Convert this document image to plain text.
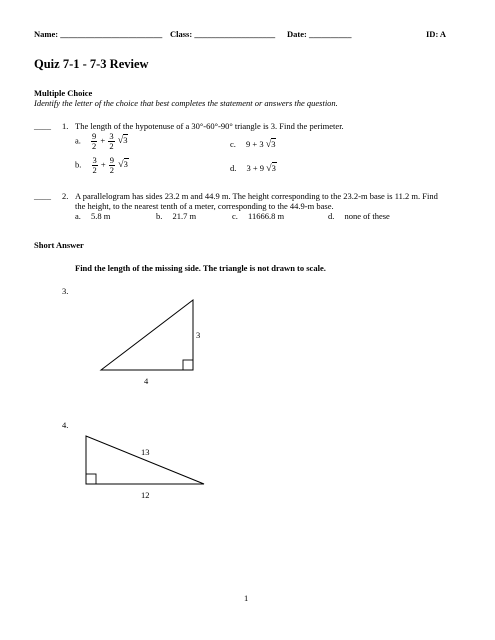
Name: ________________________ Class: ___________________ Date: __________	ID: A
Quiz 7-1 - 7-3 Review
Multiple Choice
Identify the letter of the choice that best completes the statement or answers the question.
____ 1. The length of the hypotenuse of a 30°-60°-90° triangle is 3. Find the perimeter.
a. $\frac{9}{2} + \frac{3}{2} √3$	c. 9 + 3 √3
b. $\frac{3}{2} + \frac{9}{2} √3$	d. 3 + 9 √3
____ 2. A parallelogram has sides 23.2 m and 44.9 m. The height corresponding to the 23.2-m base is 11.2 m. Find
the height, to the nearest tenth of a meter, corresponding to the 44.9-m base.
a. 5.8 m	b. 21.7 m	c. 11666.8 m	d. none of these
Short Answer
Find the length of the missing side. The triangle is not drawn to scale.
3.
3
4
4.
13
12
1
